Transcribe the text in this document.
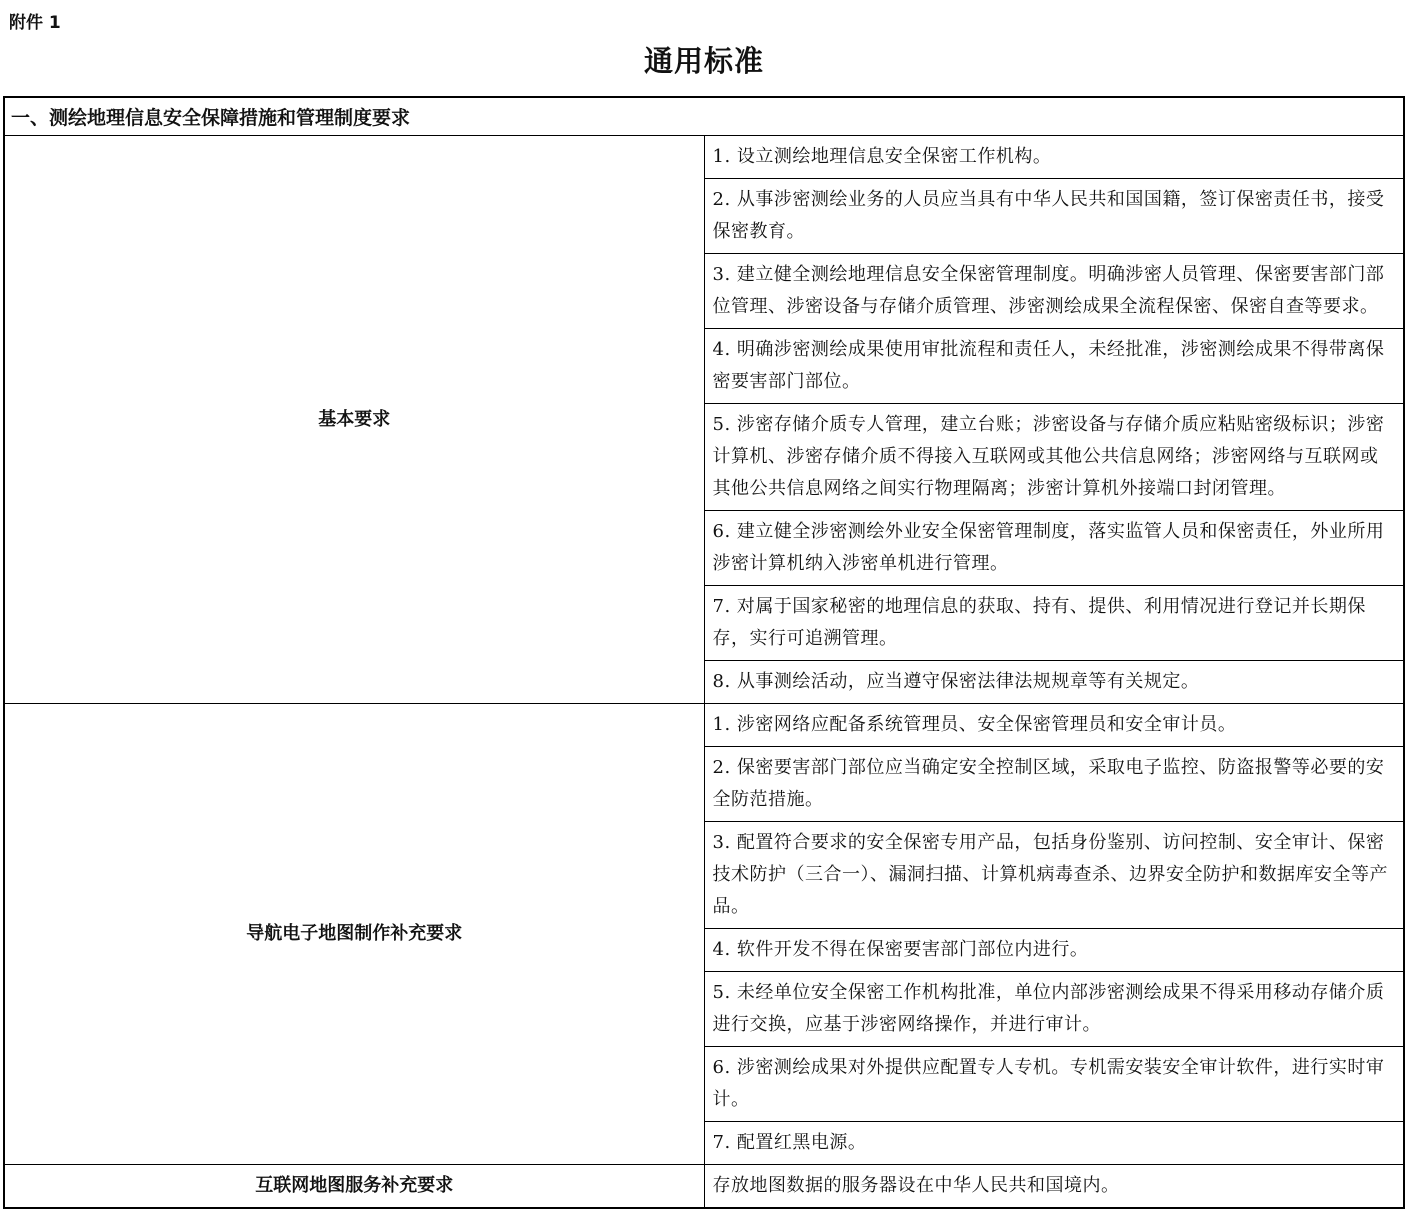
附件 1
通用标准
一、测绘地理信息安全保障措施和管理制度要求	
基本要求	1. 设立测绘地理信息安全保密工作机构。
	2. 从事涉密测绘业务的人员应当具有中华人民共和国国籍，签订保密责任书，接受保密教育。
	3. 建立健全测绘地理信息安全保密管理制度。明确涉密人员管理、保密要害部门部位管理、涉密设备与存储介质管理、涉密测绘成果全流程保密、保密自查等要求。
	4. 明确涉密测绘成果使用审批流程和责任人，未经批准，涉密测绘成果不得带离保密要害部门部位。
	5. 涉密存储介质专人管理，建立台账；涉密设备与存储介质应粘贴密级标识；涉密计算机、涉密存储介质不得接入互联网或其他公共信息网络；涉密网络与互联网或其他公共信息网络之间实行物理隔离；涉密计算机外接端口封闭管理。
	6. 建立健全涉密测绘外业安全保密管理制度，落实监管人员和保密责任，外业所用涉密计算机纳入涉密单机进行管理。
	7. 对属于国家秘密的地理信息的获取、持有、提供、利用情况进行登记并长期保存，实行可追溯管理。
	8. 从事测绘活动，应当遵守保密法律法规规章等有关规定。
导航电子地图制作补充要求	1. 涉密网络应配备系统管理员、安全保密管理员和安全审计员。
	2. 保密要害部门部位应当确定安全控制区域，采取电子监控、防盗报警等必要的安全防范措施。
	3. 配置符合要求的安全保密专用产品，包括身份鉴别、访问控制、安全审计、保密技术防护（三合一）、漏洞扫描、计算机病毒查杀、边界安全防护和数据库安全等产品。
	4. 软件开发不得在保密要害部门部位内进行。
	5. 未经单位安全保密工作机构批准，单位内部涉密测绘成果不得采用移动存储介质进行交换，应基于涉密网络操作，并进行审计。
	6. 涉密测绘成果对外提供应配置专人专机。专机需安装安全审计软件，进行实时审计。
	7. 配置红黑电源。
互联网地图服务补充要求	存放地图数据的服务器设在中华人民共和国境内。
